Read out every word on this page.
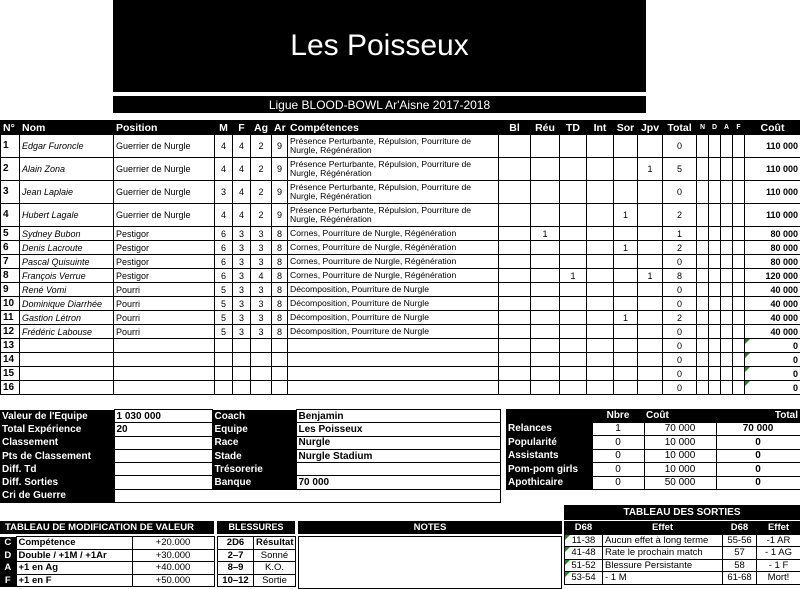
Les Poisseux
Ligue BLOOD-BOWL Ar'Aisne 2017-2018
N°	Nom	Position	M	F	Ag	Ar	Compétences	Bl	Réu	TD	Int	Sor	Jpv	Total	N	D	A	F	Coût
1	Edgar Furoncle	Guerrier de Nurgle	4	4	2	9	Présence Perturbante, Répulsion, Pourriture de Nurgle, Régénération							0					110 000
2	Alain Zona	Guerrier de Nurgle	4	4	2	9	Présence Perturbante, Répulsion, Pourriture de Nurgle, Régénération						1	5					110 000
3	Jean Laplaie	Guerrier de Nurgle	3	4	2	9	Présence Perturbante, Répulsion, Pourriture de Nurgle, Régénération							0					110 000
4	Hubert Lagale	Guerrier de Nurgle	4	4	2	9	Présence Perturbante, Répulsion, Pourriture de Nurgle, Régénération					1		2					110 000
5	Sydney Bubon	Pestigor	6	3	3	8	Cornes, Pourriture de Nurgle, Régénération		1					1					80 000
6	Denis Lacroute	Pestigor	6	3	3	8	Cornes, Pourriture de Nurgle, Régénération					1		2					80 000
7	Pascal Quisuinte	Pestigor	6	3	3	8	Cornes, Pourriture de Nurgle, Régénération							0					80 000
8	François Verrue	Pestigor	6	3	4	8	Cornes, Pourriture de Nurgle, Régénération			1			1	8					120 000
9	René Vomi	Pourri	5	3	3	8	Décomposition, Pourriture de Nurgle							0					40 000
10	Dominique Diarrhée	Pourri	5	3	3	8	Décomposition, Pourriture de Nurgle							0					40 000
11	Gastion Létron	Pourri	5	3	3	8	Décomposition, Pourriture de Nurgle					1		2					40 000
12	Frédéric Labouse	Pourri	5	3	3	8	Décomposition, Pourriture de Nurgle							0					40 000
13														0					0
14														0					0
15														0					0
16														0					0
Valeur de l'Equipe	1 030 000	Coach	Benjamin
Total Expérience	20	Equipe	Les Poisseux
Classement		Race	Nurgle
Pts de Classement		Stade	Nurgle Stadium
Diff. Td		Trésorerie	
Diff. Sorties		Banque	70 000
Cri de Guerre			
	Nbre	Coût	Total
Relances	1	70 000	70 000
Popularité	0	10 000	0
Assistants	0	10 000	0
Pom-pom girls	0	10 000	0
Apothicaire	0	50 000	0
TABLEAU DE MODIFICATION DE VALEUR
C	Compétence	+20.000
D	Double / +1M / +1Ar	+30.000
A	+1 en Ag	+40.000
F	+1 en F	+50.000
BLESSURES
2D6	Résultat
2–7	Sonné
8–9	K.O.
10–12	Sortie
NOTES
TABLEAU DES SORTIES
D68	Effet	D68	Effet
11-38	Aucun effet à long terme	55-56	-1 AR
41-48	Rate le prochain match	57	- 1 AG
51-52	Blessure Persistante	58	- 1 F
53-54	- 1 M	61-68	Mort!
